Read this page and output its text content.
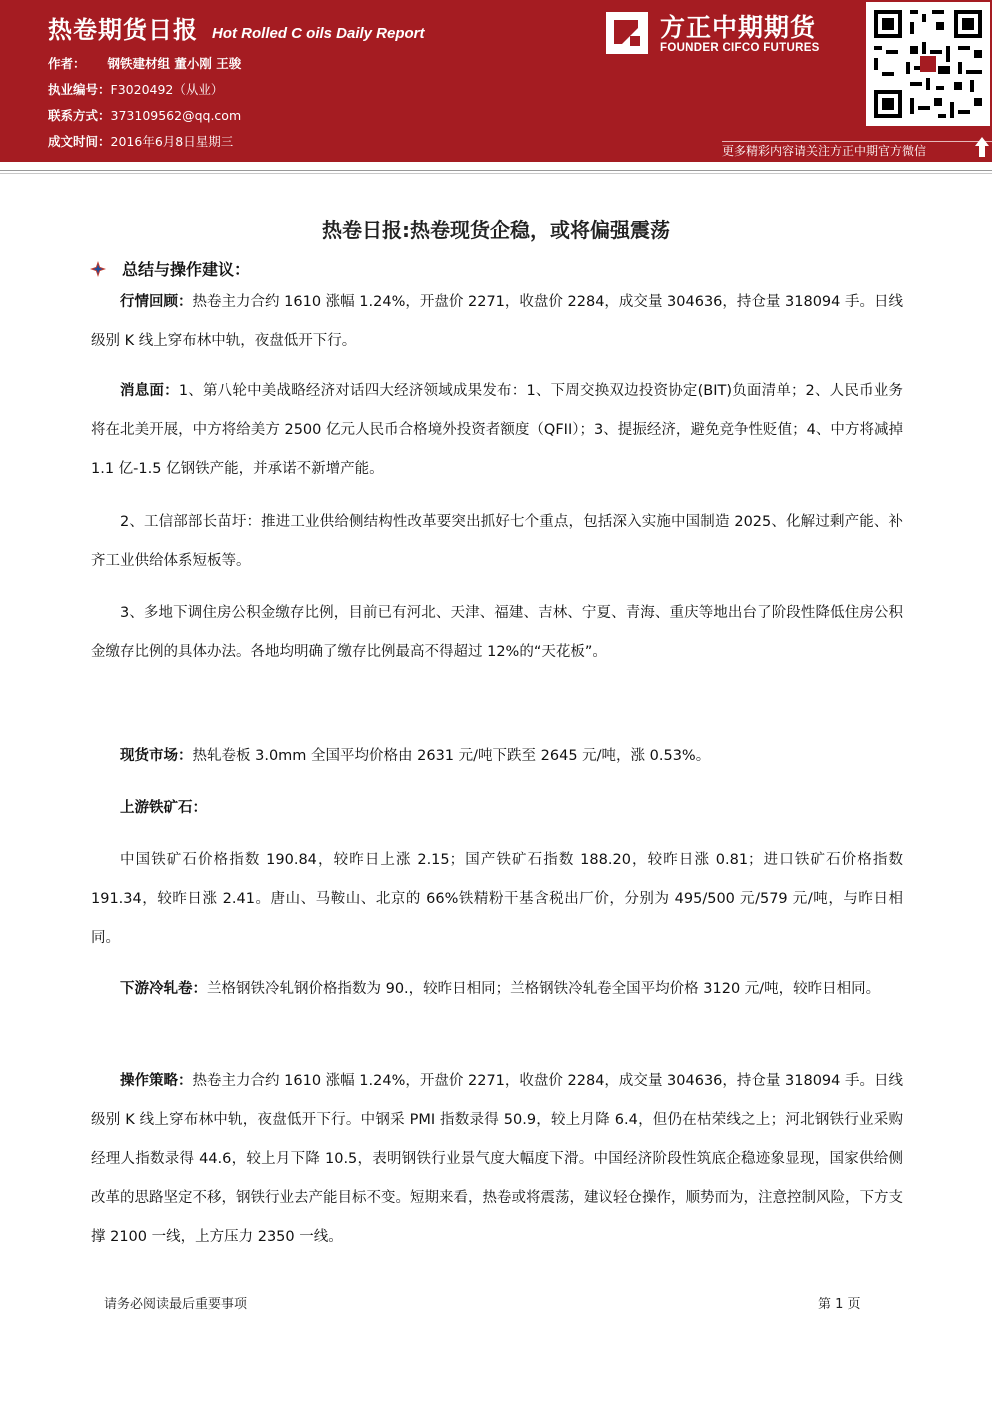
热卷期货日报 Hot Rolled C oils Daily Report
作者： 钢铁建材组 董小刚 王骏
执业编号：F3020492（从业）
联系方式：373109562@qq.com
成文时间：2016年6月8日星期三
方正中期期货
FOUNDER CIFCO FUTURES
更多精彩内容请关注方正中期官方微信
热卷日报:热卷现货企稳，或将偏强震荡
总结与操作建议：
行情回顾：热卷主力合约 1610 涨幅 1.24%，开盘价 2271，收盘价 2284，成交量 304636，持仓量 318094 手。日线级别 K 线上穿布林中轨，夜盘低开下行。
消息面：1、第八轮中美战略经济对话四大经济领域成果发布：1、下周交换双边投资协定(BIT)负面清单；2、人民币业务将在北美开展，中方将给美方 2500 亿元人民币合格境外投资者额度（QFII）；3、提振经济，避免竞争性贬值；4、中方将减掉 1.1 亿-1.5 亿钢铁产能，并承诺不新增产能。
2、工信部部长苗圩：推进工业供给侧结构性改革要突出抓好七个重点，包括深入实施中国制造 2025、化解过剩产能、补齐工业供给体系短板等。
3、多地下调住房公积金缴存比例，目前已有河北、天津、福建、吉林、宁夏、青海、重庆等地出台了阶段性降低住房公积金缴存比例的具体办法。各地均明确了缴存比例最高不得超过 12%的“天花板”。
现货市场：热轧卷板 3.0mm 全国平均价格由 2631 元/吨下跌至 2645 元/吨，涨 0.53%。
上游铁矿石：
中国铁矿石价格指数 190.84，较昨日上涨 2.15；国产铁矿石指数 188.20，较昨日涨 0.81；进口铁矿石价格指数 191.34，较昨日涨 2.41。唐山、马鞍山、北京的 66%铁精粉干基含税出厂价，分别为 495/500 元/579 元/吨，与昨日相同。
下游冷轧卷：兰格钢铁冷轧钢价格指数为 90.，较昨日相同；兰格钢铁冷轧卷全国平均价格 3120 元/吨，较昨日相同。
操作策略：热卷主力合约 1610 涨幅 1.24%，开盘价 2271，收盘价 2284，成交量 304636，持仓量 318094 手。日线级别 K 线上穿布林中轨，夜盘低开下行。中钢采 PMI 指数录得 50.9，较上月降 6.4，但仍在枯荣线之上；河北钢铁行业采购经理人指数录得 44.6，较上月下降 10.5，表明钢铁行业景气度大幅度下滑。中国经济阶段性筑底企稳迹象显现，国家供给侧改革的思路坚定不移，钢铁行业去产能目标不变。短期来看，热卷或将震荡，建议轻仓操作，顺势而为，注意控制风险，下方支撑 2100 一线，上方压力 2350 一线。
请务必阅读最后重要事项	第 1 页
